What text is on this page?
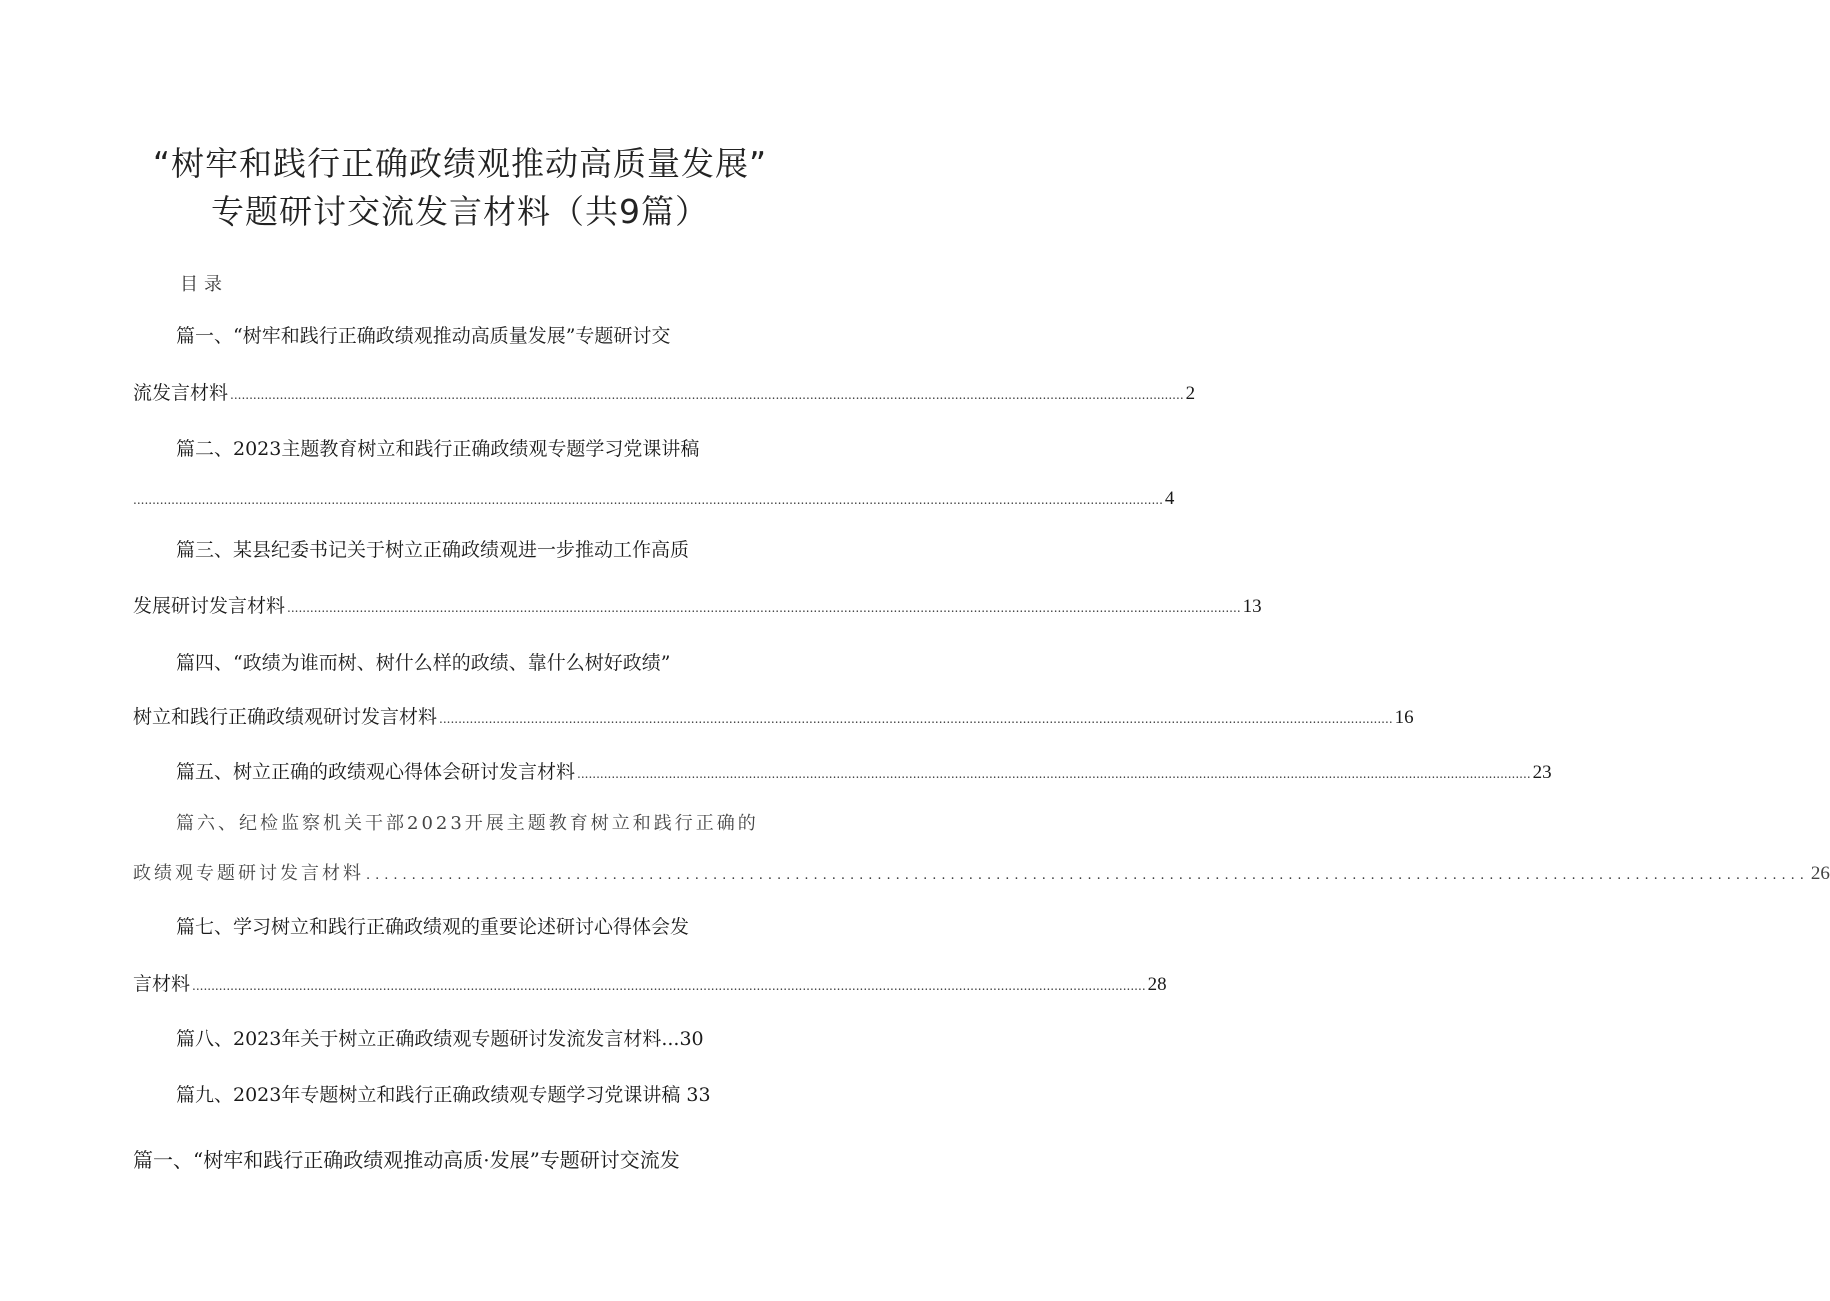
“树牢和践行正确政绩观推动高质量发展”
专题研讨交流发言材料（共9篇）
目录
篇一、“树牢和践行正确政绩观推动高质量发展”专题研讨交
流发言材料 .......................................................................................................................................................................................................................................................... 2
篇二、2023主题教育树立和践行正确政绩观专题学习党课讲稿
.............................................................................................................................................................................................................................................................................. 4
篇三、某县纪委书记关于树立正确政绩观进一步推动工作高质
发展研讨发言材料 .......................................................................................................................................................................................................................................................... 13
篇四、“政绩为谁而树、树什么样的政绩、靠什么树好政绩”
树立和践行正确政绩观研讨发言材料 .......................................................................................................................................................................................................................................................... 16
篇五、树立正确的政绩观心得体会研讨发言材料 .......................................................................................................................................................................................................................................................... 23
篇六、纪检监察机关干部2023开展主题教育树立和践行正确的
政绩观专题研讨发言材料 .............................................................................................................................................................. 26
篇七、学习树立和践行正确政绩观的重要论述研讨心得体会发
言材料 .......................................................................................................................................................................................................................................................... 28
篇八、2023年关于树立正确政绩观专题研讨发流发言材料...30
篇九、2023年专题树立和践行正确政绩观专题学习党课讲稿 33
篇一、“树牢和践行正确政绩观推动高质·发展”专题研讨交流发
